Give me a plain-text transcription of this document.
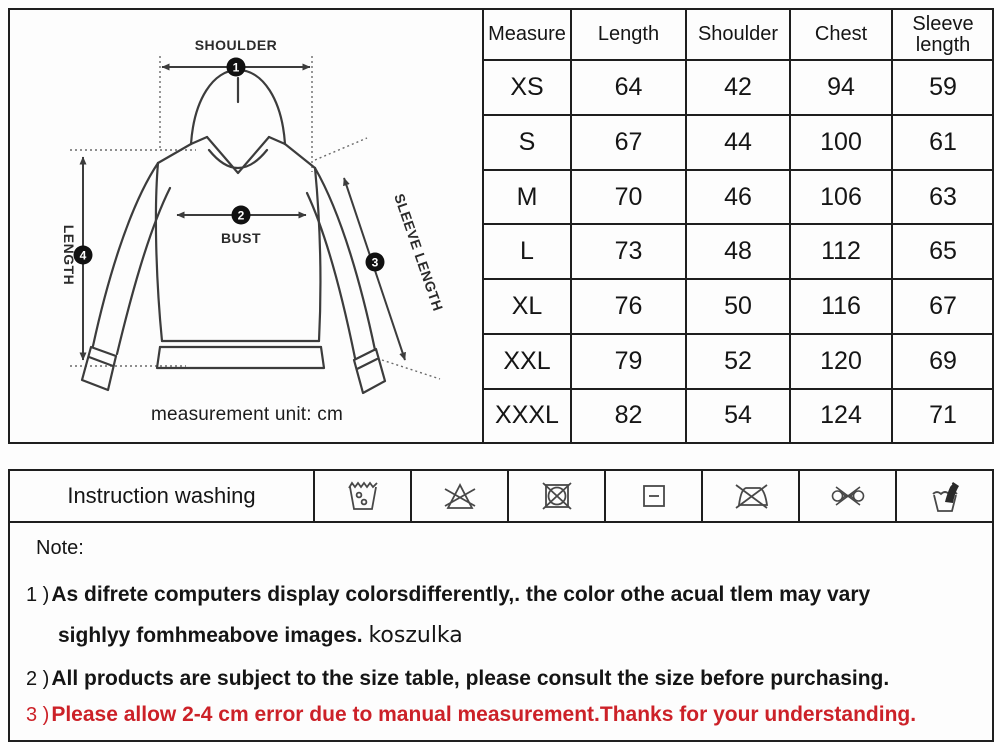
1
2
3
4
SHOULDER
BUST
LENGTH	SLEEVE LENGTH
measurement unit: cm
Measure	Length	Shoulder	Chest	Sleeve length
XS	64	42	94	59
S	67	44	100	61
M	70	46	106	63
L	73	48	112	65
XL	76	50	116	67
XXL	79	52	120	69
XXXL	82	54	124	71
Instruction washing
Note:
1 )As difrete computers display colorsdifferently,. the color othe acual tlem may vary
sighlyy fomhmeabove images. koszulka
2 )All products are subject to the size table, please consult the size before purchasing.
3 )Please allow 2-4 cm error due to manual measurement.Thanks for your understanding.
